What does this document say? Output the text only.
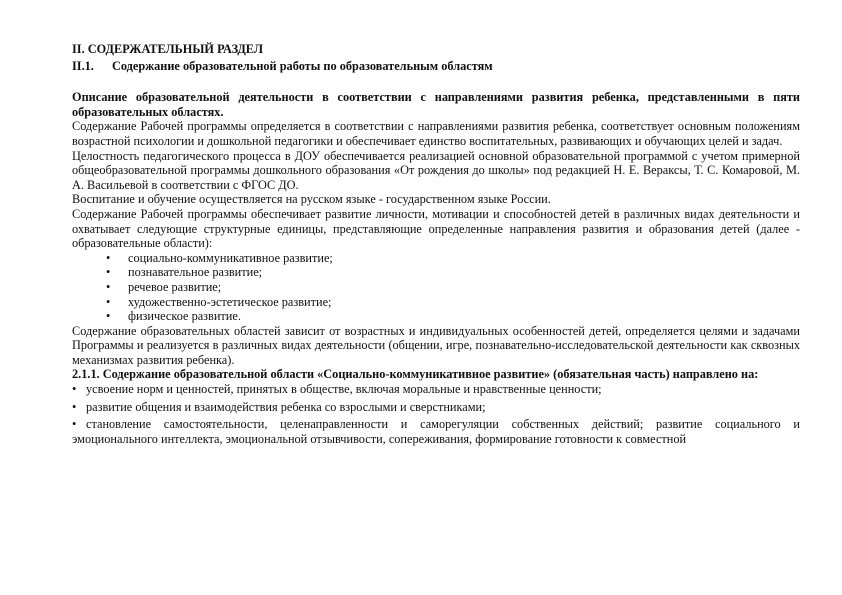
II. СОДЕРЖАТЕЛЬНЫЙ РАЗДЕЛ
II.1. Содержание образовательной работы по образовательным областям

Описание образовательной деятельности в соответствии с направлениями развития ребенка, представленными в пяти образовательных областях.

Содержание Рабочей программы определяется в соответствии с направлениями развития ребенка, соответствует основным положениям возрастной психологии и дошкольной педагогики и обеспечивает единство воспитательных, развивающих и обучающих целей и задач.

Целостность педагогического процесса в ДОУ обеспечивается реализацией основной образовательной программой с учетом примерной общеобразовательной программы дошкольного образования «От рождения до школы» под редакцией Н. Е. Вераксы, Т. С. Комаровой, М. А. Васильевой в соответствии с ФГОС ДО.

Воспитание и обучение осуществляется на русском языке - государственном языке России.

Содержание Рабочей программы обеспечивает развитие личности, мотивации и способностей детей в различных видах деятельности и охватывает следующие структурные единицы, представляющие определенные направления развития и образования детей (далее - образовательные области):

• социально-коммуникативное развитие;
• познавательное развитие;
• речевое развитие;
• художественно-эстетическое развитие;
• физическое развитие.

Содержание образовательных областей зависит от возрастных и индивидуальных особенностей детей, определяется целями и задачами Программы и реализуется в различных видах деятельности (общении, игре, познавательно-исследовательской деятельности как сквозных механизмах развития ребенка).

2.1.1. Содержание образовательной области «Социально-коммуникативное развитие» (обязательная часть) направлено на:

• усвоение норм и ценностей, принятых в обществе, включая моральные и нравственные ценности;
• развитие общения и взаимодействия ребенка со взрослыми и сверстниками;
• становление самостоятельности, целенаправленности и саморегуляции собственных действий; развитие социального и эмоционального интеллекта, эмоциональной отзывчивости, сопереживания, формирование готовности к совместной
